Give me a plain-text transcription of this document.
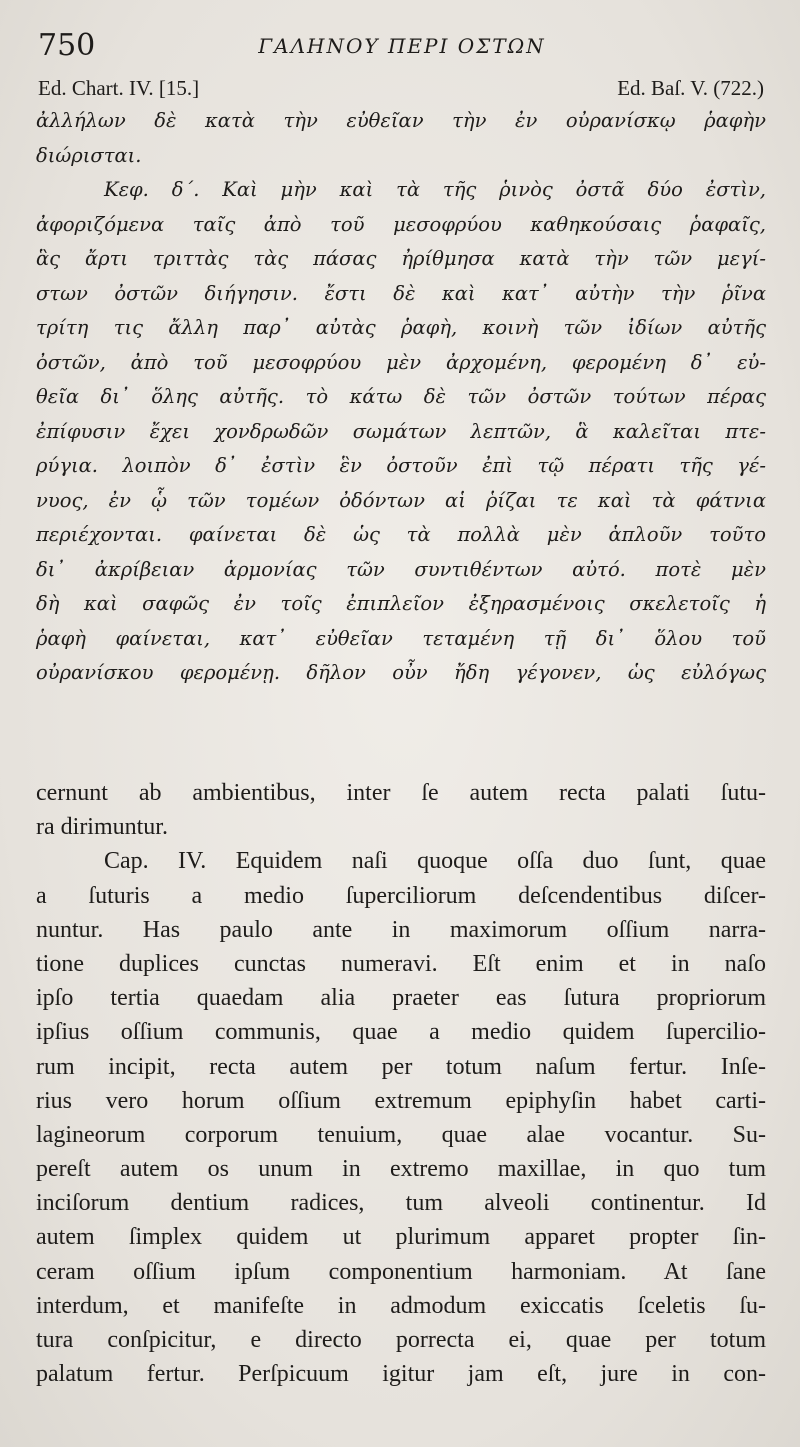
750	ΓΑΛΗΝΟΥ ΠΕΡΙ ΟΣΤΩΝ
Ed. Chart. IV. [15.]	Ed. Baſ. V. (722.)
ἀλλήλων δὲ κατὰ τὴν εὐθεῖαν τὴν ἐν οὐρανίσκῳ ῥαφὴν
διώρισται.
Κεφ. δ΄. Καὶ μὴν καὶ τὰ τῆς ῥινὸς ὀστᾶ δύο ἐστὶν,
ἀφοριζόμενα ταῖς ἀπὸ τοῦ μεσοφρύου καθηκούσαις ῥαφαῖς,
ἃς ἄρτι τριττὰς τὰς πάσας ἠρίθμησα κατὰ τὴν τῶν μεγί-
στων ὀστῶν διήγησιν. ἔστι δὲ καὶ κατ᾽ αὐτὴν τὴν ῥῖνα
τρίτη τις ἄλλη παρ᾽ αὐτὰς ῥαφὴ, κοινὴ τῶν ἰδίων αὐτῆς
ὀστῶν, ἀπὸ τοῦ μεσοφρύου μὲν ἀρχομένη, φερομένη δ᾽ εὐ-
θεῖα δι᾽ ὅλης αὐτῆς. τὸ κάτω δὲ τῶν ὀστῶν τούτων πέρας
ἐπίφυσιν ἔχει χονδρωδῶν σωμάτων λεπτῶν, ἃ καλεῖται πτε-
ρύγια. λοιπὸν δ᾽ ἐστὶν ἓν ὀστοῦν ἐπὶ τῷ πέρατι τῆς γέ-
νυος, ἐν ᾧ τῶν τομέων ὀδόντων αἱ ῥίζαι τε καὶ τὰ φάτνια
περιέχονται. φαίνεται δὲ ὡς τὰ πολλὰ μὲν ἁπλοῦν τοῦτο
δι᾽ ἀκρίβειαν ἁρμονίας τῶν συντιθέντων αὐτό. ποτὲ μὲν
δὴ καὶ σαφῶς ἐν τοῖς ἐπιπλεῖον ἐξηρασμένοις σκελετοῖς ἡ
ῥαφὴ φαίνεται, κατ᾽ εὐθεῖαν τεταμένη τῇ δι᾽ ὅλου τοῦ
οὐρανίσκου φερομένῃ. δῆλον οὖν ἤδη γέγονεν, ὡς εὐλόγως
cernunt ab ambientibus, inter ſe autem recta palati ſutu-
ra dirimuntur.
Cap. IV. Equidem naſi quoque oſſa duo ſunt, quae
a ſuturis a medio ſuperciliorum deſcendentibus diſcer-
nuntur. Has paulo ante in maximorum oſſium narra-
tione duplices cunctas numeravi. Eſt enim et in naſo
ipſo tertia quaedam alia praeter eas ſutura propriorum
ipſius oſſium communis, quae a medio quidem ſupercilio-
rum incipit, recta autem per totum naſum fertur. Inſe-
rius vero horum oſſium extremum epiphyſin habet carti-
lagineorum corporum tenuium, quae alae vocantur. Su-
pereſt autem os unum in extremo maxillae, in quo tum
inciſorum dentium radices, tum alveoli continentur. Id
autem ſimplex quidem ut plurimum apparet propter ſin-
ceram oſſium ipſum componentium harmoniam. At ſane
interdum, et manifeſte in admodum exiccatis ſceletis ſu-
tura conſpicitur, e directo porrecta ei, quae per totum
palatum fertur. Perſpicuum igitur jam eſt, jure in con-
